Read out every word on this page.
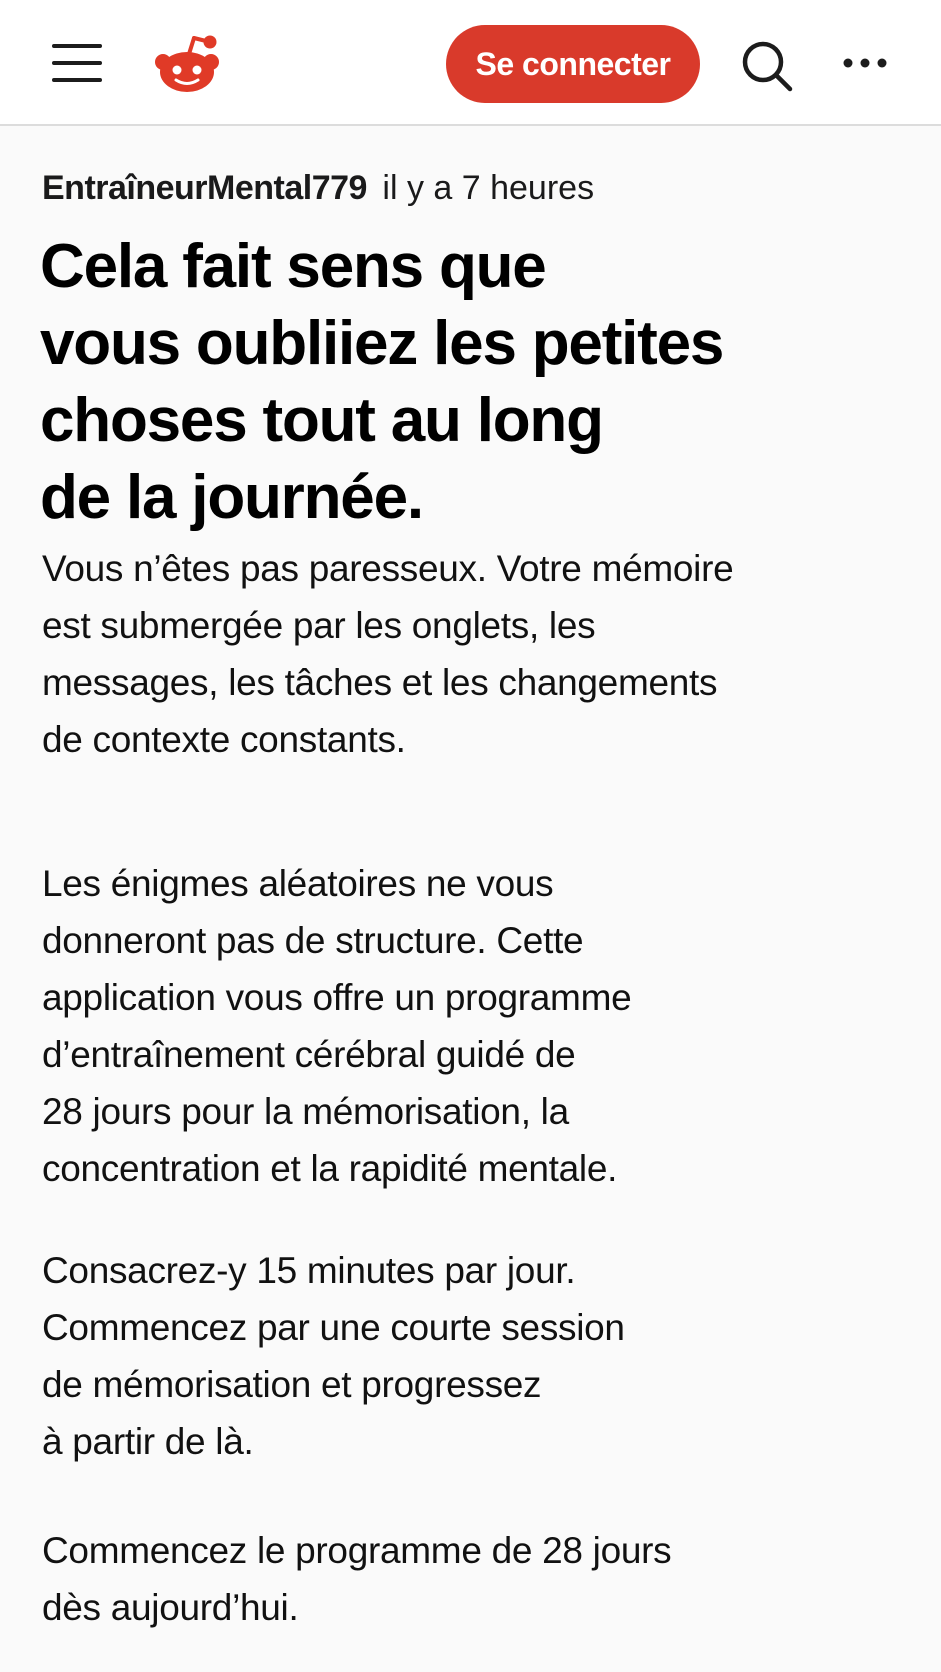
Se connecter
EntraîneurMental779 il y a 7 heures
Cela fait sens que
vous oubliiez les petites
choses tout au long
de la journée.

Vous n’êtes pas paresseux. Votre mémoire
est submergée par les onglets, les
messages, les tâches et les changements
de contexte constants.

Les énigmes aléatoires ne vous
donneront pas de structure. Cette
application vous offre un programme
d’entraînement cérébral guidé de
28 jours pour la mémorisation, la
concentration et la rapidité mentale.

Consacrez-y 15 minutes par jour.
Commencez par une courte session
de mémorisation et progressez
à partir de là.

Commencez le programme de 28 jours
dès aujourd’hui.
